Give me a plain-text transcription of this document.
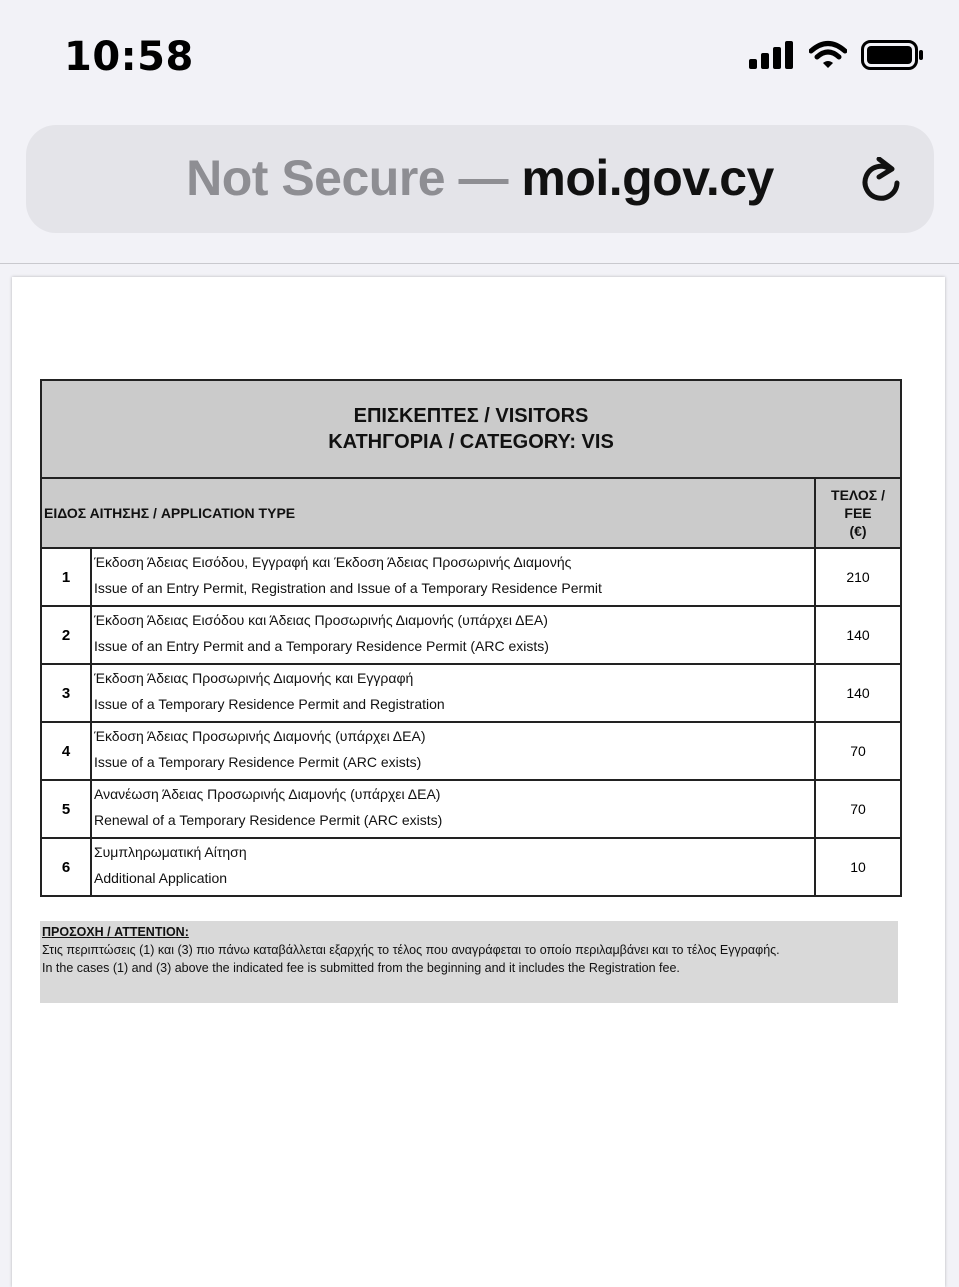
10:58
Not Secure — moi.gov.cy
ΕΠΙΣΚΕΠΤΕΣ / VISITORS
ΚΑΤΗΓΟΡΙΑ / CATEGORY: VIS		

ΕΙΔΟΣ ΑΙΤΗΣΗΣ / APPLICATION TYPE		ΤΕΛΟΣ /
FEE
(€)

1	Έκδοση Άδειας Εισόδου, Εγγραφή και Έκδοση Άδειας Προσωρινής Διαμονής
Issue of an Entry Permit, Registration and Issue of a Temporary Residence Permit	210
2	Έκδοση Άδειας Εισόδου και Άδειας Προσωρινής Διαμονής (υπάρχει ΔΕΑ)
Issue of an Entry Permit and a Temporary Residence Permit (ARC exists)	140
3	Έκδοση Άδειας Προσωρινής Διαμονής και Εγγραφή
Issue of a Temporary Residence Permit and Registration	140
4	Έκδοση Άδειας Προσωρινής Διαμονής (υπάρχει ΔΕΑ)
Issue of a Temporary Residence Permit (ARC exists)	70
5	Ανανέωση Άδειας Προσωρινής Διαμονής (υπάρχει ΔΕΑ)
Renewal of a Temporary Residence Permit (ARC exists)	70
6	Συμπληρωματική Αίτηση
Additional Application	10
ΠΡΟΣΟΧΗ / ATTENTION:
Στις περιπτώσεις (1) και (3) πιο πάνω καταβάλλεται εξαρχής το τέλος που αναγράφεται το οποίο περιλαμβάνει και το τέλος Εγγραφής.
In the cases (1) and (3) above the indicated fee is submitted from the beginning and it includes the Registration fee.
